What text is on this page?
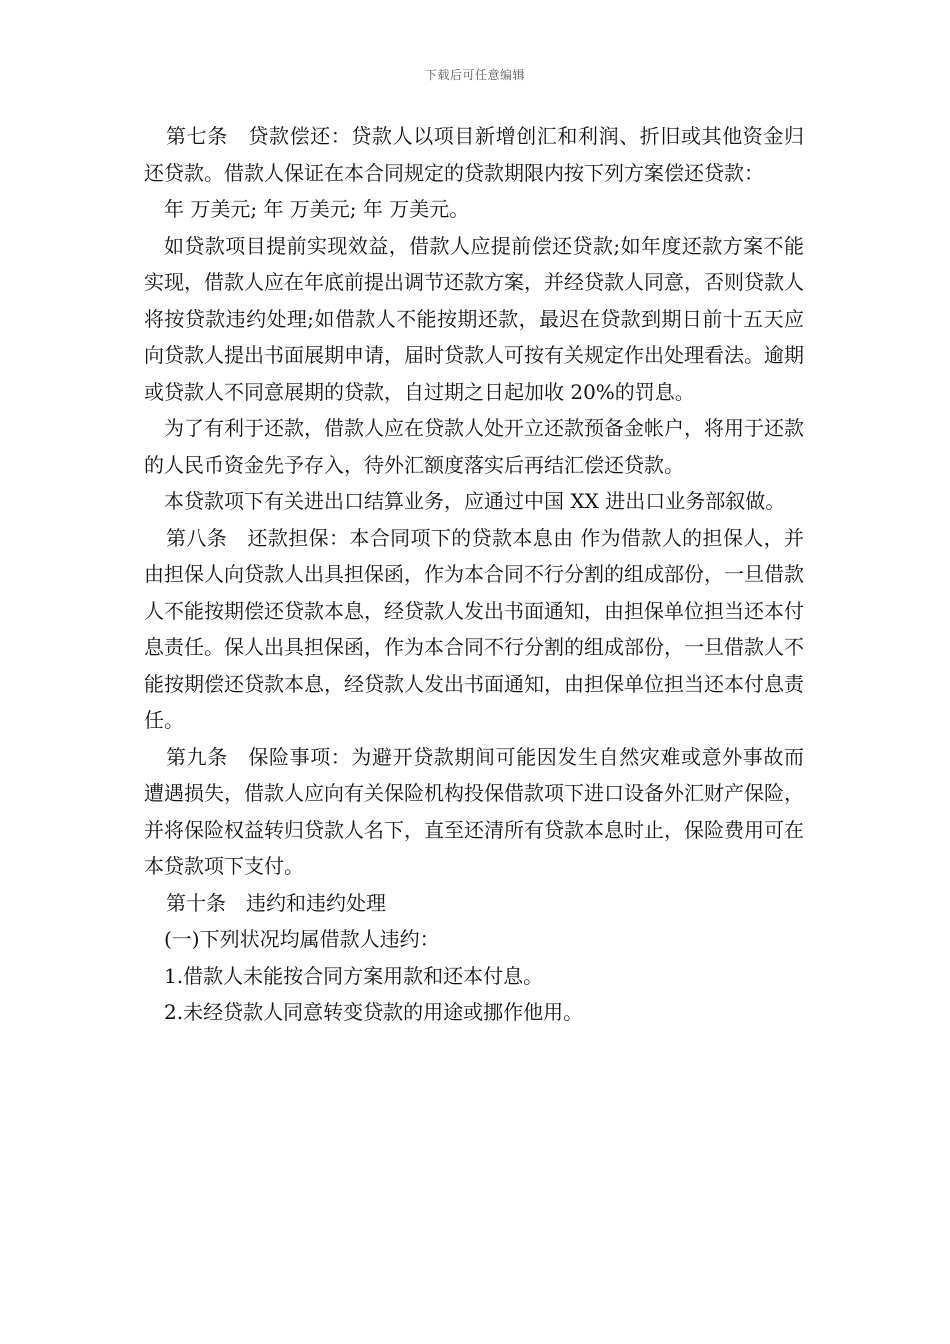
下载后可任意编辑

第七条　贷款偿还：贷款人以项目新增创汇和利润、折旧或其他资金归还贷款。借款人保证在本合同规定的贷款期限内按下列方案偿还贷款：

年 万美元; 年 万美元; 年 万美元。

如贷款项目提前实现效益，借款人应提前偿还贷款;如年度还款方案不能实现，借款人应在年底前提出调节还款方案，并经贷款人同意，否则贷款人将按贷款违约处理;如借款人不能按期还款，最迟在贷款到期日前十五天应向贷款人提出书面展期申请，届时贷款人可按有关规定作出处理看法。逾期或贷款人不同意展期的贷款，自过期之日起加收 20%的罚息。

为了有利于还款，借款人应在贷款人处开立还款预备金帐户，将用于还款的人民币资金先予存入，待外汇额度落实后再结汇偿还贷款。

本贷款项下有关进出口结算业务，应通过中国 XX 进出口业务部叙做。

第八条　还款担保：本合同项下的贷款本息由 作为借款人的担保人，并由担保人向贷款人出具担保函，作为本合同不行分割的组成部份，一旦借款人不能按期偿还贷款本息，经贷款人发出书面通知，由担保单位担当还本付息责任。保人出具担保函，作为本合同不行分割的组成部份，一旦借款人不能按期偿还贷款本息，经贷款人发出书面通知，由担保单位担当还本付息责任。

第九条　保险事项：为避开贷款期间可能因发生自然灾难或意外事故而遭遇损失，借款人应向有关保险机构投保借款项下进口设备外汇财产保险，并将保险权益转归贷款人名下，直至还清所有贷款本息时止，保险费用可在本贷款项下支付。

第十条　违约和违约处理

(一)下列状况均属借款人违约：

1.借款人未能按合同方案用款和还本付息。

2.未经贷款人同意转变贷款的用途或挪作他用。
